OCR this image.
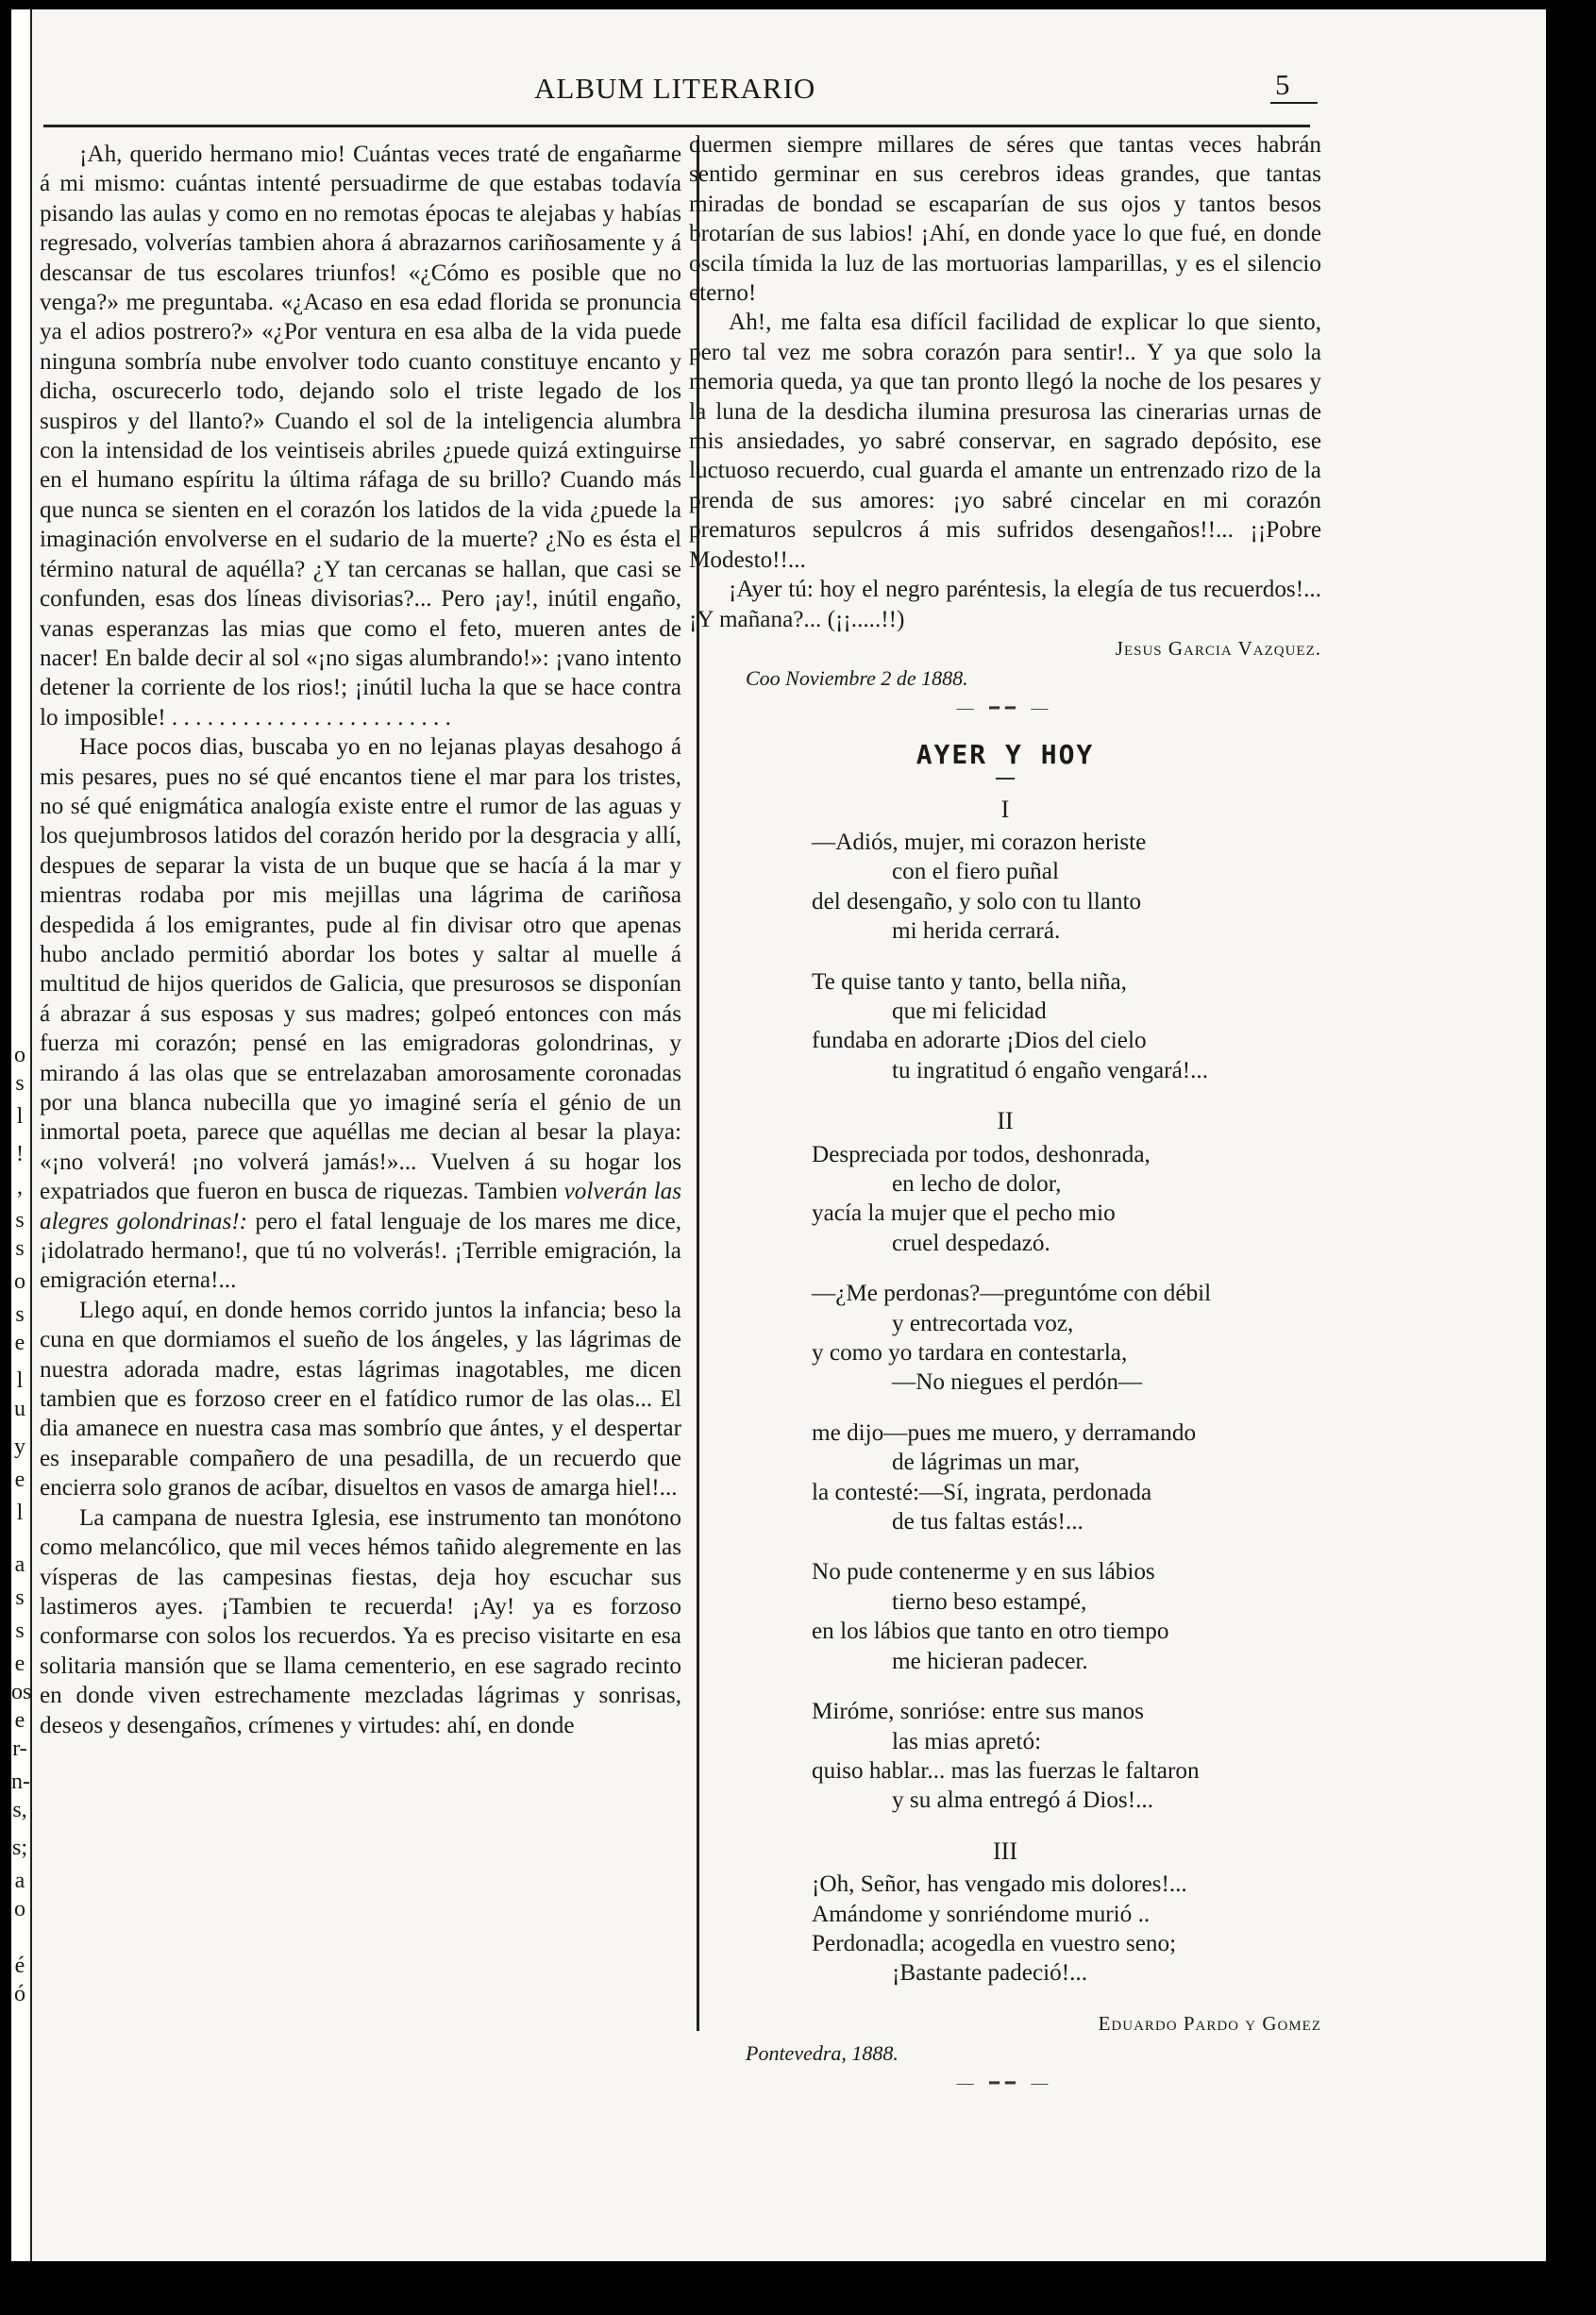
o
s
l
!
,
s
s
o
s
e
l
u
y
e
l
a
s
s
e
os
e
r-
n-
s,
s;
a
o
é
ó
ALBUM LITERARIO	5

¡Ah, querido hermano mio! Cuántas veces traté de engañarme á mi mismo: cuántas intenté persuadirme de que estabas todavía pisando las aulas y como en no remotas épocas te alejabas y habías regresado, volverías tambien ahora á abrazarnos cariñosamente y á descansar de tus escolares triunfos! «¿Cómo es posible que no venga?» me preguntaba. «¿Acaso en esa edad florida se pronuncia ya el adios postrero?» «¿Por ventura en esa alba de la vida puede ninguna sombría nube envolver todo cuanto constituye encanto y dicha, oscurecerlo todo, dejando solo el triste legado de los suspiros y del llanto?» Cuando el sol de la inteligencia alumbra con la intensidad de los veintiseis abriles ¿puede quizá extinguirse en el humano espíritu la última ráfaga de su brillo? Cuando más que nunca se sienten en el corazón los latidos de la vida ¿puede la imaginación envolverse en el sudario de la muerte? ¿No es ésta el término natural de aquélla? ¿Y tan cercanas se hallan, que casi se confunden, esas dos líneas divisorias?... Pero ¡ay!, inútil engaño, vanas esperanzas las mias que como el feto, mueren antes de nacer! En balde decir al sol «¡no sigas alumbrando!»: ¡vano intento detener la corriente de los rios!; ¡inútil lucha la que se hace contra lo imposible! . . . . . . . . . . . . . . . . . . . . . . . .

Hace pocos dias, buscaba yo en no lejanas playas desahogo á mis pesares, pues no sé qué encantos tiene el mar para los tristes, no sé qué enigmática analogía existe entre el rumor de las aguas y los quejumbrosos latidos del corazón herido por la desgracia y allí, despues de separar la vista de un buque que se hacía á la mar y mientras rodaba por mis mejillas una lágrima de cariñosa despedida á los emigrantes, pude al fin divisar otro que apenas hubo anclado permitió abordar los botes y saltar al muelle á multitud de hijos queridos de Galicia, que presurosos se disponían á abrazar á sus esposas y sus madres; golpeó entonces con más fuerza mi corazón; pensé en las emigradoras golondrinas, y mirando á las olas que se entrelazaban amorosamente coronadas por una blanca nubecilla que yo imaginé sería el génio de un inmortal poeta, parece que aquéllas me decian al besar la playa: «¡no volverá! ¡no volverá jamás!»... Vuelven á su hogar los expatriados que fueron en busca de riquezas. Tambien volverán las alegres golondrinas!: pero el fatal lenguaje de los mares me dice, ¡idolatrado hermano!, que tú no volverás!. ¡Terrible emigración, la emigración eterna!...

Llego aquí, en donde hemos corrido juntos la infancia; beso la cuna en que dormiamos el sueño de los ángeles, y las lágrimas de nuestra adorada madre, estas lágrimas inagotables, me dicen tambien que es forzoso creer en el fatídico rumor de las olas... El dia amanece en nuestra casa mas sombrío que ántes, y el despertar es inseparable compañero de una pesadilla, de un recuerdo que encierra solo granos de acíbar, disueltos en vasos de amarga hiel!...

La campana de nuestra Iglesia, ese instrumento tan monótono como melancólico, que mil veces hémos tañido alegremente en las vísperas de las campesinas fiestas, deja hoy escuchar sus lastimeros ayes. ¡Tambien te recuerda! ¡Ay! ya es forzoso conformarse con solos los recuerdos. Ya es preciso visitarte en esa solitaria mansión que se llama cementerio, en ese sagrado recinto en donde viven estrechamente mezcladas lágrimas y sonrisas, deseos y desengaños, crímenes y virtudes: ahí, en donde

duermen siempre millares de séres que tantas veces habrán sentido germinar en sus cerebros ideas grandes, que tantas miradas de bondad se escaparían de sus ojos y tantos besos brotarían de sus labios! ¡Ahí, en donde yace lo que fué, en donde oscila tímida la luz de las mortuorias lamparillas, y es el silencio eterno!

Ah!, me falta esa difícil facilidad de explicar lo que siento, pero tal vez me sobra corazón para sentir!.. Y ya que solo la memoria queda, ya que tan pronto llegó la noche de los pesares y la luna de la desdicha ilumina presurosa las cinerarias urnas de mis ansiedades, yo sabré conservar, en sagrado depósito, ese luctuoso recuerdo, cual guarda el amante un entrenzado rizo de la prenda de sus amores: ¡yo sabré cincelar en mi corazón prematuros sepulcros á mis sufridos desengaños!!... ¡¡Pobre Modesto!!...

¡Ayer tú: hoy el negro paréntesis, la elegía de tus recuerdos!... ¡Y mañana?... (¡¡.....!!)

Jesus Garcia Vazquez.
Coo Noviembre 2 de 1888.
— ━━ —
AYER Y HOY
I
—Adiós, mujer, mi corazon heriste
con el fiero puñal
del desengaño, y solo con tu llanto
mi herida cerrará.
Te quise tanto y tanto, bella niña,
que mi felicidad
fundaba en adorarte ¡Dios del cielo
tu ingratitud ó engaño vengará!...
II
Despreciada por todos, deshonrada,
en lecho de dolor,
yacía la mujer que el pecho mio
cruel despedazó.
—¿Me perdonas?—preguntóme con débil
y entrecortada voz,
y como yo tardara en contestarla,
—No niegues el perdón—
me dijo—pues me muero, y derramando
de lágrimas un mar,
la contesté:—Sí, ingrata, perdonada
de tus faltas estás!...
No pude contenerme y en sus lábios
tierno beso estampé,
en los lábios que tanto en otro tiempo
me hicieran padecer.
Miróme, sonrióse: entre sus manos
las mias apretó:
quiso hablar... mas las fuerzas le faltaron
y su alma entregó á Dios!...
III
¡Oh, Señor, has vengado mis dolores!...
Amándome y sonriéndome murió ..
Perdonadla; acogedla en vuestro seno;
¡Bastante padeció!...
Eduardo Pardo y Gomez
Pontevedra, 1888.
— ━━ —
